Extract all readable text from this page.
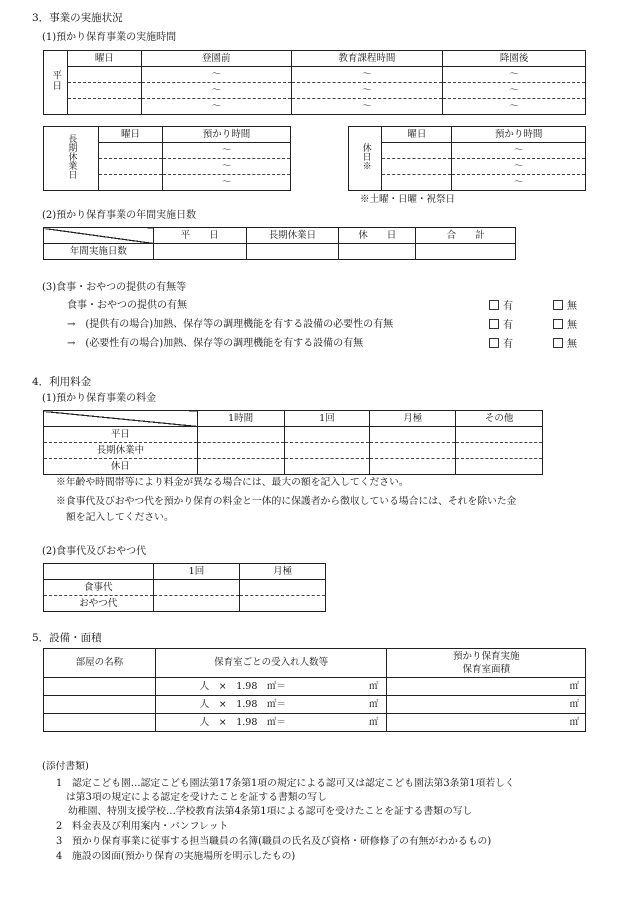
3．事業の実施状況
(1)預かり保育事業の実施時間
平日	曜日	登園前	教育課程時間	降園後
		～	～	～
		～	～	～
		～	～	～
長期休業日	曜日	預かり時間
		～
		～
		～
休日※	曜日	預かり時間
		～
		～
		～
※土曜・日曜・祝祭日
(2)預かり保育事業の年間実施日数
	平　　日	長期休業日	休　　日	合　　計
年間実施日数				
(3)食事・おやつの提供の有無等
食事・おやつの提供の有無	有	無
→　(提供有の場合)加熱、保存等の調理機能を有する設備の必要性の有無	有	無
→　(必要性有の場合)加熱、保存等の調理機能を有する設備の有無	有	無
4．利用料金
(1)預かり保育事業の料金
	1時間	1回	月極	その他
平日				
長期休業中				
休日				
※年齢や時間帯等により料金が異なる場合には、最大の額を記入してください。
※食事代及びおやつ代を預かり保育の料金と一体的に保護者から徴収している場合には、それを除いた金
額を記入してください。
(2)食事代及びおやつ代
	1回	月極
食事代		
おやつ代		
5．設備・面積
部屋の名称	保育室ごとの受入れ人数等	預かり保育実施
保育室面積

	人　×　1.98　㎡＝ ㎡	㎡

	人　×　1.98　㎡＝ ㎡	㎡

	人　×　1.98　㎡＝ ㎡	㎡
(添付書類)
1　認定こども園…認定こども園法第17条第1項の規定による認可又は認定こども園法第3条第1項若しく
は第3項の規定による認定を受けたことを証する書類の写し
幼稚園、特別支援学校…学校教育法第4条第1項による認可を受けたことを証する書類の写し
2　料金表及び利用案内・パンフレット
3　預かり保育事業に従事する担当職員の名簿(職員の氏名及び資格・研修修了の有無がわかるもの)
4　施設の図面(預かり保育の実施場所を明示したもの)
